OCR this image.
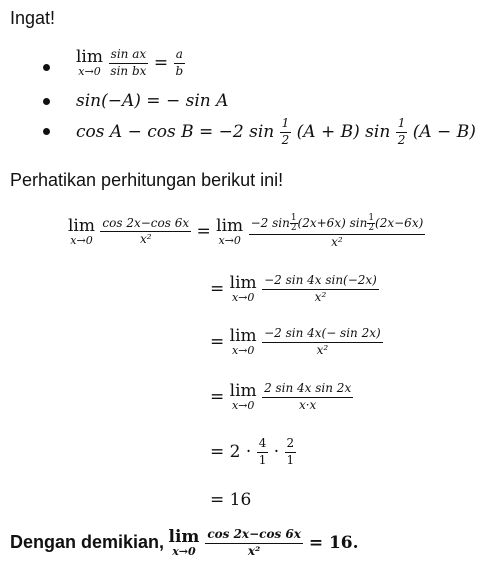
Ingat!
lim
x→0
$\frac{\text{sin ax}}{\text{sin bx}} = \frac{a}{b}$
sin(−A) = − sin A
cos A − cos B = −2 $\sin \frac{1}{2} (A + B)$ $\sin \frac{1}{2} (A - B)$
Perhatikan perhitungan berikut ini!
lim
x→0
$\frac{\cos 2x-\cos 6x}{\text{x²}} = \lim$
x→0
$\frac{-2 \sin \frac{1}{2} (2x+6x) \sin \frac{1}{2} (2x-6x)}{\text{x²}}$
= lim
x→0
$\frac{\text{−2 sin 4x sin(−2x)}}{\text{x²}}$
= lim
x→0
$\frac{-2 \sin 4x(- \sin 2x)}{\text{x²}}$
= lim
x→0
$\frac{\text{2 sin 4x sin 2x}}{x\cdot x}$
= $2 \cdot \frac{4}{1} \cdot \frac{2}{1}$
= 16
Dengan demikian, lim
x→0
$\frac{\cos 2x-\cos 6x}{\text{x²}} = 16$.
